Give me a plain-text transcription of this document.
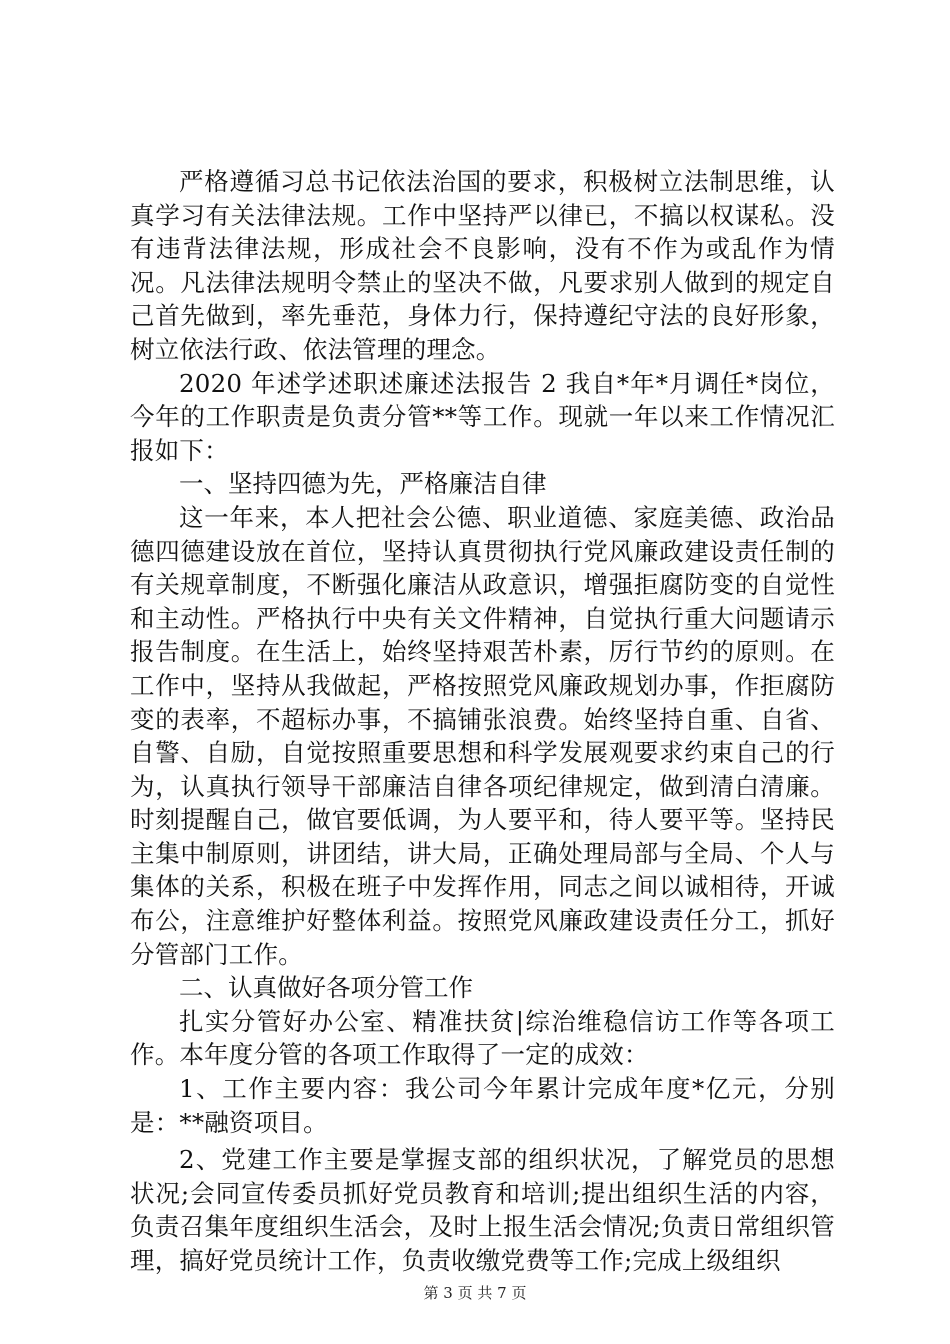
严格遵循习总书记依法治国的要求，积极树立法制思维，认真学习有关法律法规。工作中坚持严以律已，不搞以权谋私。没有违背法律法规，形成社会不良影响，没有不作为或乱作为情况。凡法律法规明令禁止的坚决不做，凡要求别人做到的规定自己首先做到，率先垂范，身体力行，保持遵纪守法的良好形象，树立依法行政、依法管理的理念。

2020 年述学述职述廉述法报告 2 我自*年*月调任*岗位，今年的工作职责是负责分管**等工作。现就一年以来工作情况汇报如下：

一、坚持四德为先，严格廉洁自律

这一年来，本人把社会公德、职业道德、家庭美德、政治品德四德建设放在首位，坚持认真贯彻执行党风廉政建设责任制的有关规章制度，不断强化廉洁从政意识，增强拒腐防变的自觉性和主动性。严格执行中央有关文件精神，自觉执行重大问题请示报告制度。在生活上，始终坚持艰苦朴素，厉行节约的原则。在工作中，坚持从我做起，严格按照党风廉政规划办事，作拒腐防变的表率，不超标办事，不搞铺张浪费。始终坚持自重、自省、自警、自励，自觉按照重要思想和科学发展观要求约束自己的行为，认真执行领导干部廉洁自律各项纪律规定，做到清白清廉。时刻提醒自己，做官要低调，为人要平和，待人要平等。坚持民主集中制原则，讲团结，讲大局，正确处理局部与全局、个人与集体的关系，积极在班子中发挥作用，同志之间以诚相待，开诚布公，注意维护好整体利益。按照党风廉政建设责任分工，抓好分管部门工作。

二、认真做好各项分管工作

扎实分管好办公室、精准扶贫|综治维稳信访工作等各项工作。本年度分管的各项工作取得了一定的成效：

1、工作主要内容：我公司今年累计完成年度*亿元，分别是：**融资项目。

2、党建工作主要是掌握支部的组织状况，了解党员的思想状况;会同宣传委员抓好党员教育和培训;提出组织生活的内容，负责召集年度组织生活会，及时上报生活会情况;负责日常组织管理，搞好党员统计工作，负责收缴党费等工作;完成上级组织

第 3 页 共 7 页
